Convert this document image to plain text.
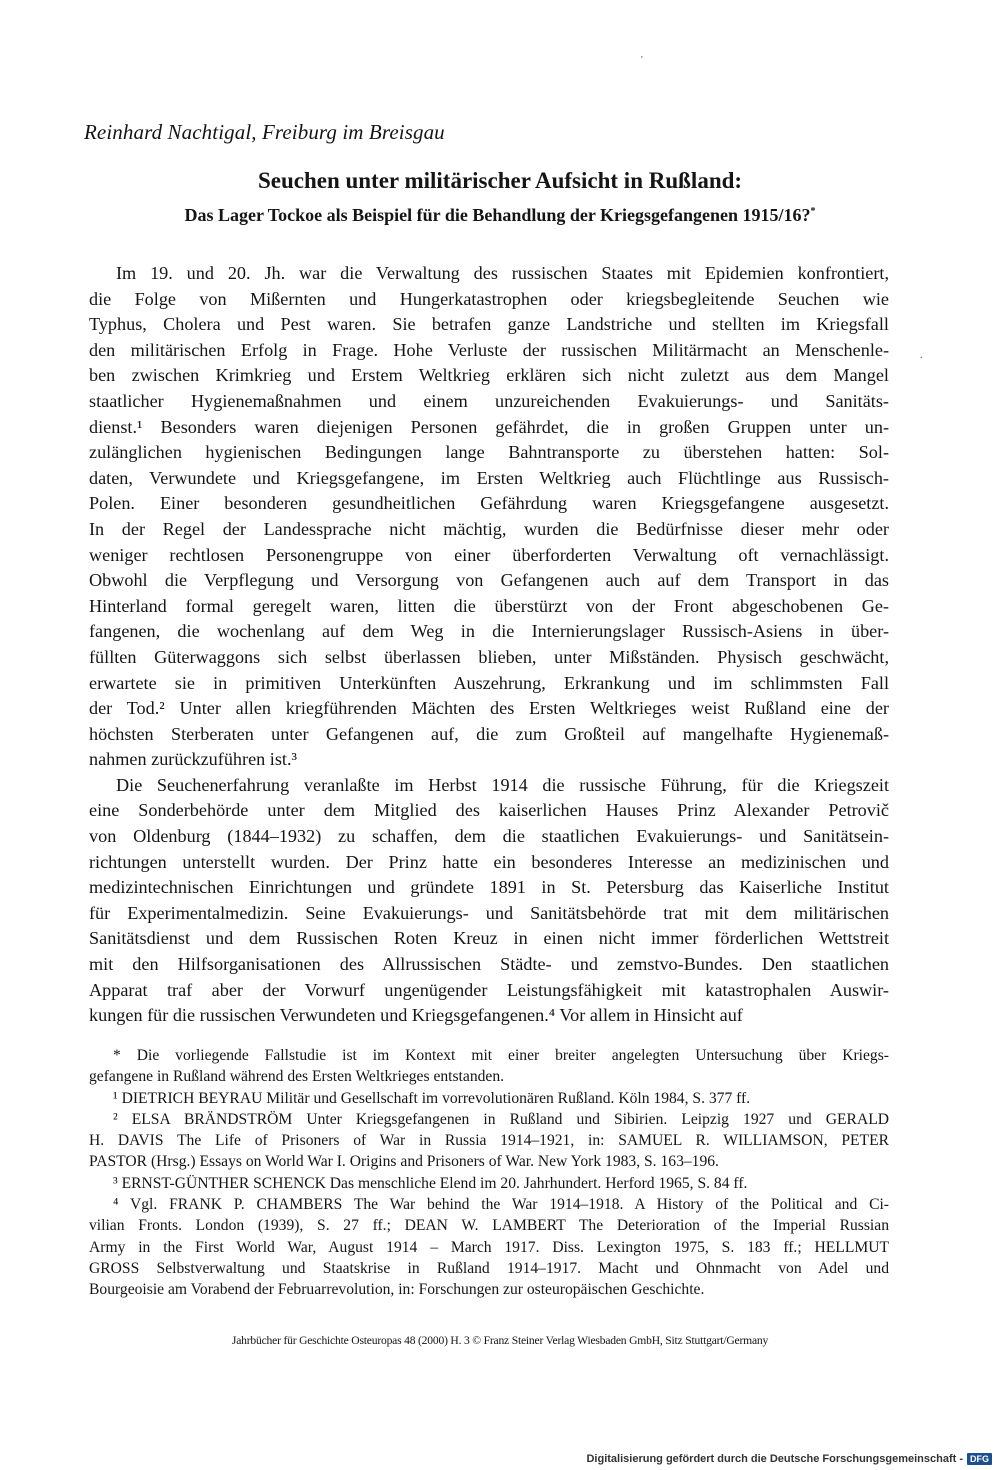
'
.
Reinhard Nachtigal, Freiburg im Breisgau
Seuchen unter militärischer Aufsicht in Rußland:
Das Lager Tockoe als Beispiel für die Behandlung der Kriegsgefangenen 1915/16?*
Im 19. und 20. Jh. war die Verwaltung des russischen Staates mit Epidemien konfrontiert,
die Folge von Mißernten und Hungerkatastrophen oder kriegsbegleitende Seuchen wie
Typhus, Cholera und Pest waren. Sie betrafen ganze Landstriche und stellten im Kriegsfall
den militärischen Erfolg in Frage. Hohe Verluste der russischen Militärmacht an Menschenle-
ben zwischen Krimkrieg und Erstem Weltkrieg erklären sich nicht zuletzt aus dem Mangel
staatlicher Hygienemaßnahmen und einem unzureichenden Evakuierungs- und Sanitäts-
dienst.¹ Besonders waren diejenigen Personen gefährdet, die in großen Gruppen unter un-
zulänglichen hygienischen Bedingungen lange Bahntransporte zu überstehen hatten: Sol-
daten, Verwundete und Kriegsgefangene, im Ersten Weltkrieg auch Flüchtlinge aus Russisch-
Polen. Einer besonderen gesundheitlichen Gefährdung waren Kriegsgefangene ausgesetzt.
In der Regel der Landessprache nicht mächtig, wurden die Bedürfnisse dieser mehr oder
weniger rechtlosen Personengruppe von einer überforderten Verwaltung oft vernachlässigt.
Obwohl die Verpflegung und Versorgung von Gefangenen auch auf dem Transport in das
Hinterland formal geregelt waren, litten die überstürzt von der Front abgeschobenen Ge-
fangenen, die wochenlang auf dem Weg in die Internierungslager Russisch-Asiens in über-
füllten Güterwaggons sich selbst überlassen blieben, unter Mißständen. Physisch geschwächt,
erwartete sie in primitiven Unterkünften Auszehrung, Erkrankung und im schlimmsten Fall
der Tod.² Unter allen kriegführenden Mächten des Ersten Weltkrieges weist Rußland eine der
höchsten Sterberaten unter Gefangenen auf, die zum Großteil auf mangelhafte Hygienemaß-
nahmen zurückzuführen ist.³
Die Seuchenerfahrung veranlaßte im Herbst 1914 die russische Führung, für die Kriegszeit
eine Sonderbehörde unter dem Mitglied des kaiserlichen Hauses Prinz Alexander Petrovič
von Oldenburg (1844–1932) zu schaffen, dem die staatlichen Evakuierungs- und Sanitätsein-
richtungen unterstellt wurden. Der Prinz hatte ein besonderes Interesse an medizinischen und
medizintechnischen Einrichtungen und gründete 1891 in St. Petersburg das Kaiserliche Institut
für Experimentalmedizin. Seine Evakuierungs- und Sanitätsbehörde trat mit dem militärischen
Sanitätsdienst und dem Russischen Roten Kreuz in einen nicht immer förderlichen Wettstreit
mit den Hilfsorganisationen des Allrussischen Städte- und zemstvo-Bundes. Den staatlichen
Apparat traf aber der Vorwurf ungenügender Leistungsfähigkeit mit katastrophalen Auswir-
kungen für die russischen Verwundeten und Kriegsgefangenen.⁴ Vor allem in Hinsicht auf
* Die vorliegende Fallstudie ist im Kontext mit einer breiter angelegten Untersuchung über Kriegs-
gefangene in Rußland während des Ersten Weltkrieges entstanden.
¹ DIETRICH BEYRAU Militär und Gesellschaft im vorrevolutionären Rußland. Köln 1984, S. 377 ff.
² ELSA BRÄNDSTRÖM Unter Kriegsgefangenen in Rußland und Sibirien. Leipzig 1927 und GERALD
H. DAVIS The Life of Prisoners of War in Russia 1914–1921, in: SAMUEL R. WILLIAMSON, PETER
PASTOR (Hrsg.) Essays on World War I. Origins and Prisoners of War. New York 1983, S. 163–196.
³ ERNST-GÜNTHER SCHENCK Das menschliche Elend im 20. Jahrhundert. Herford 1965, S. 84 ff.
⁴ Vgl. FRANK P. CHAMBERS The War behind the War 1914–1918. A History of the Political and Ci-
vilian Fronts. London (1939), S. 27 ff.; DEAN W. LAMBERT The Deterioration of the Imperial Russian
Army in the First World War, August 1914 – March 1917. Diss. Lexington 1975, S. 183 ff.; HELLMUT
GROSS Selbstverwaltung und Staatskrise in Rußland 1914–1917. Macht und Ohnmacht von Adel und
Bourgeoisie am Vorabend der Februarrevolution, in: Forschungen zur osteuropäischen Geschichte.
Jahrbücher für Geschichte Osteuropas 48 (2000) H. 3 © Franz Steiner Verlag Wiesbaden GmbH, Sitz Stuttgart/Germany
Digitalisierung gefördert durch die Deutsche Forschungsgemeinschaft - DFG
